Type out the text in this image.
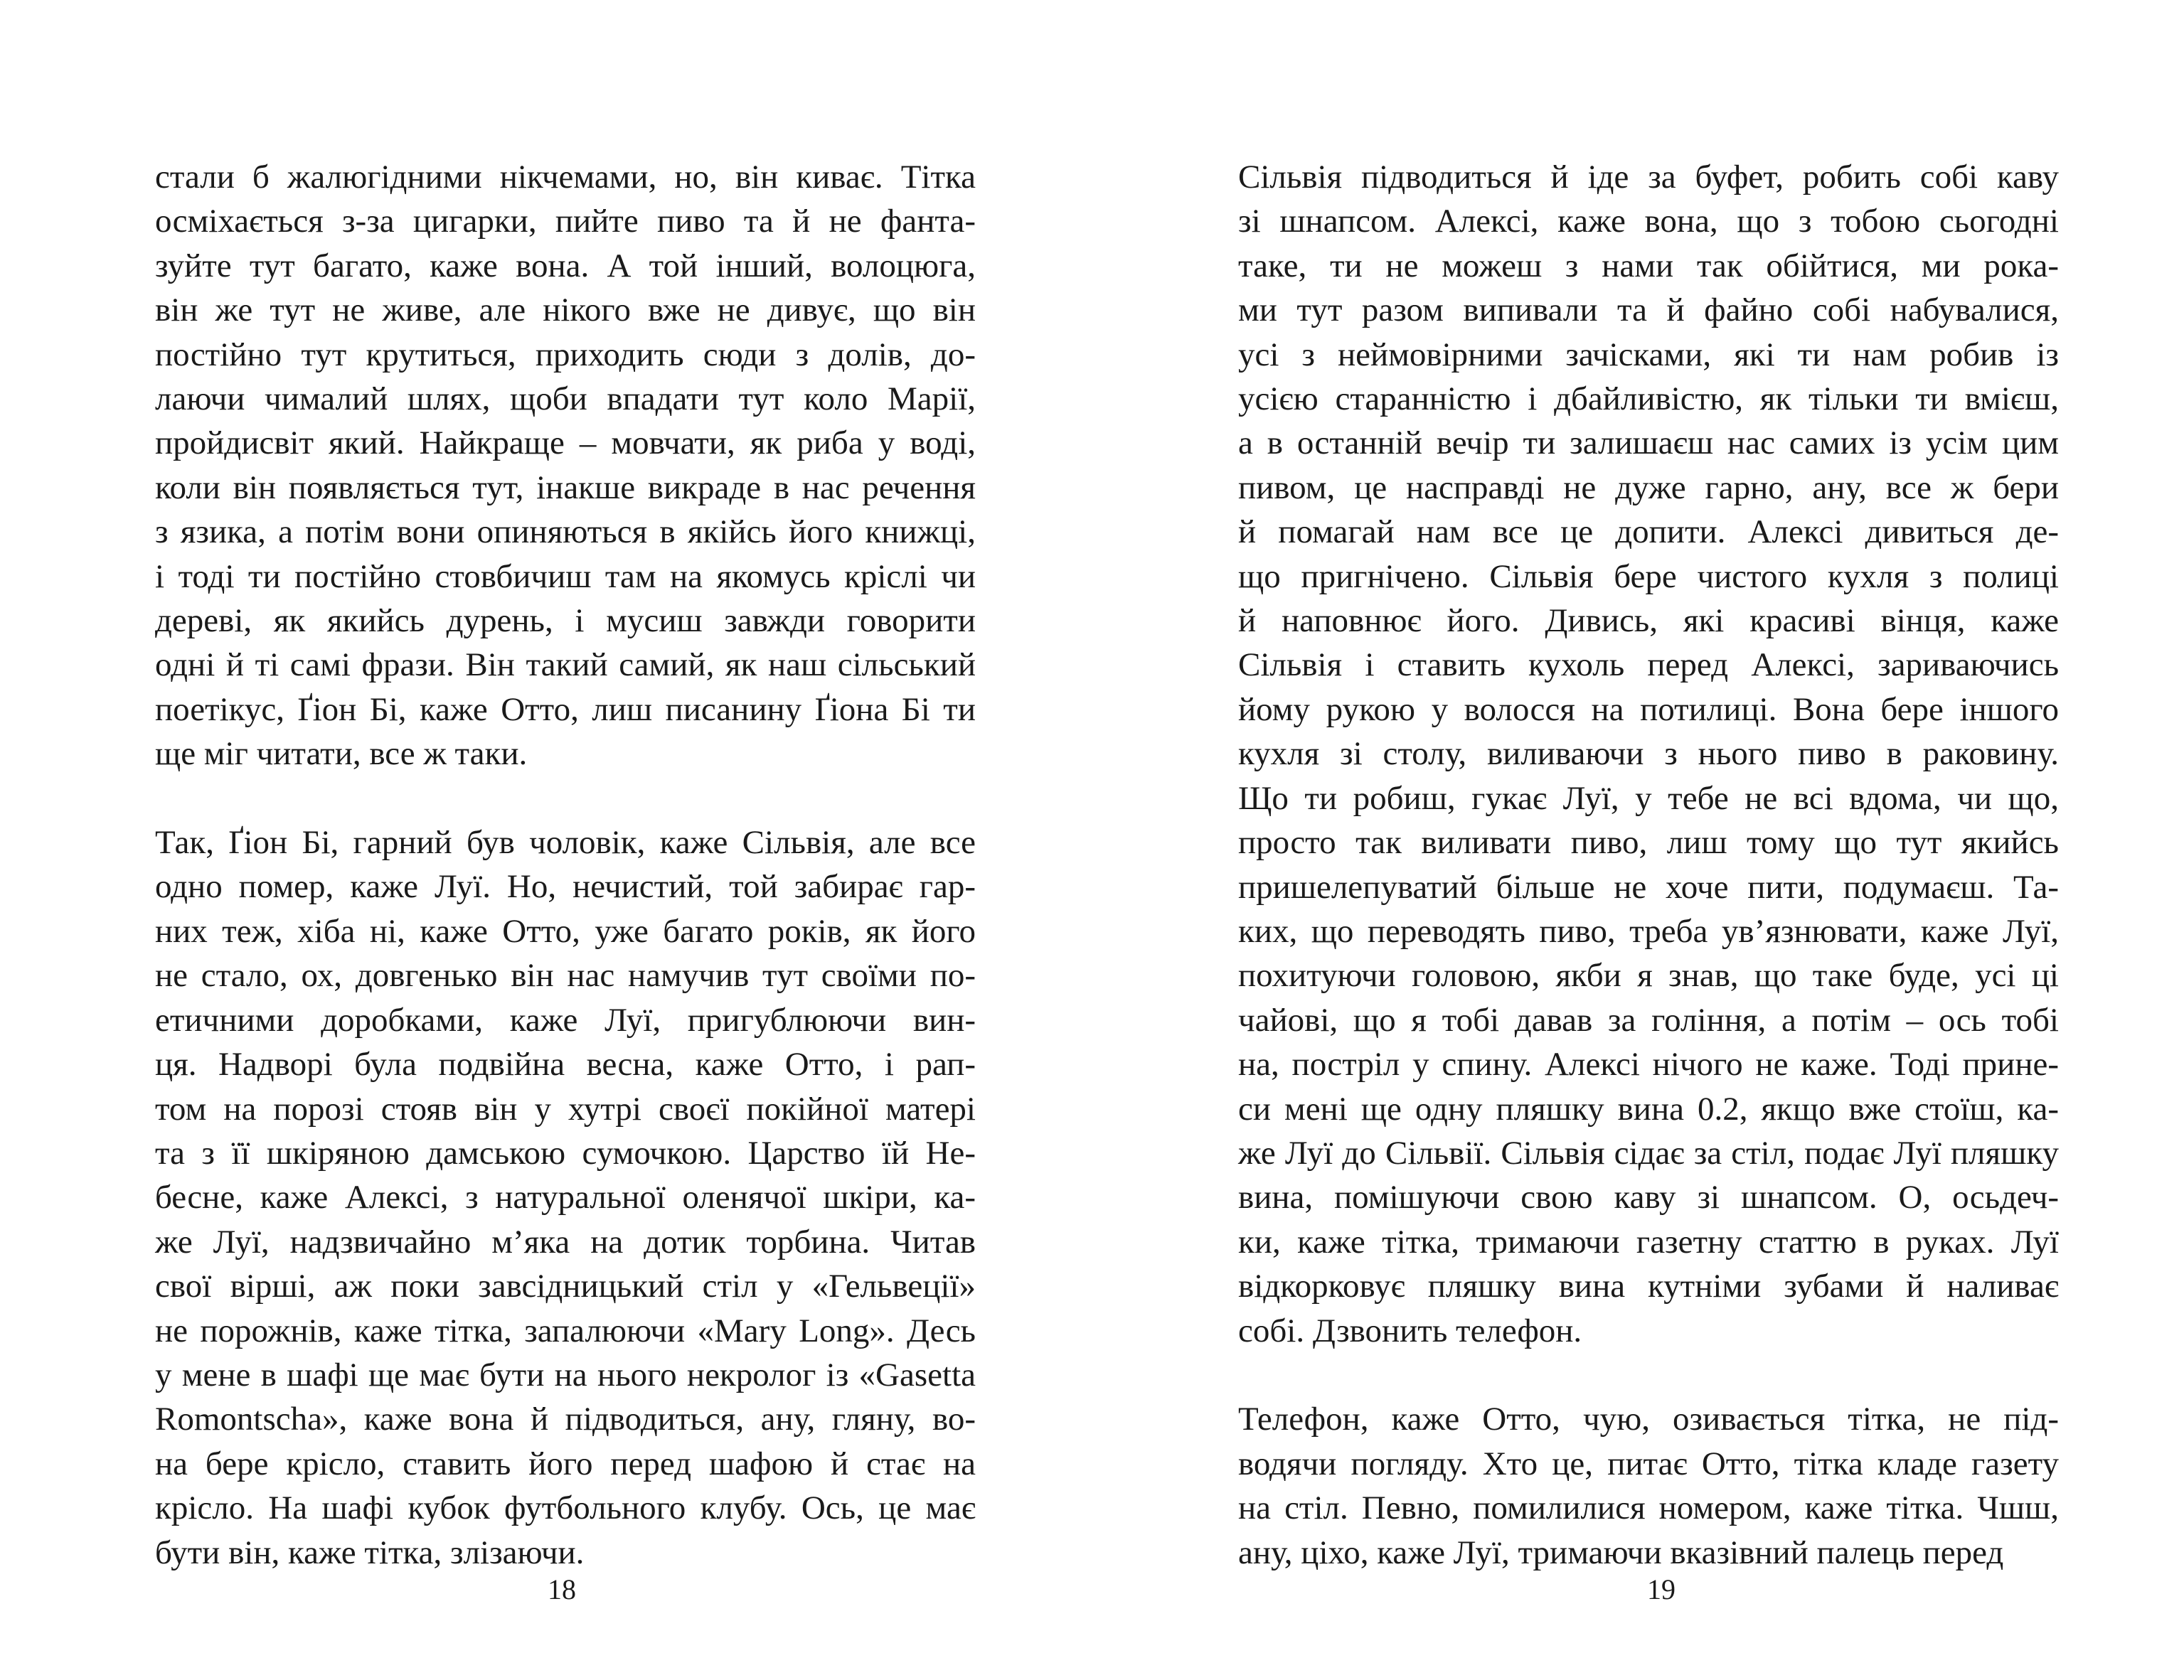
стали б жалюгідними нікчемами, но, він киває. Тітка
осміхається з-за цигарки, пийте пиво та й не фанта-
зуйте тут багато, каже вона. А той інший, волоцюга,
він же тут не живе, але нікого вже не дивує, що він
постійно тут крутиться, приходить сюди з долів, до-
лаючи чималий шлях, щоби впадати тут коло Марії,
пройдисвіт який. Найкраще – мовчати, як риба у воді,
коли він появляється тут, інакше викраде в нас речення
з язика, а потім вони опиняються в якійсь його книжці,
і тоді ти постійно стовбичиш там на якомусь кріслі чи
дереві, як якийсь дурень, і мусиш завжди говорити
одні й ті самі фрази. Він такий самий, як наш сільський
поетікус, Ґіон Бі, каже Отто, лиш писанину Ґіона Бі ти
ще міг читати, все ж таки.

Так, Ґіон Бі, гарний був чоловік, каже Сільвія, але все
одно помер, каже Луї. Но, нечистий, той забирає гар-
них теж, хіба ні, каже Отто, уже багато років, як його
не стало, ох, довгенько він нас намучив тут своїми по-
етичними доробками, каже Луї, пригублюючи вин-
ця. Надворі була подвійна весна, каже Отто, і рап-
том на порозі стояв він у хутрі своєї покійної матері
та з її шкіряною дамською сумочкою. Царство їй Не-
бесне, каже Алексі, з натуральної оленячої шкіри, ка-
же Луї, надзвичайно м’яка на дотик торбина. Читав
свої вірші, аж поки завсідницький стіл у «Гельвеції»
не порожнів, каже тітка, запалюючи «Mary Long». Десь
у мене в шафі ще має бути на нього некролог із «Gasetta
Romontscha», каже вона й підводиться, ану, гляну, во-
на бере крісло, ставить його перед шафою й стає на
крісло. На шафі кубок футбольного клубу. Ось, це має
бути він, каже тітка, злізаючи.

18

Сільвія підводиться й іде за буфет, робить собі каву
зі шнапсом. Алексі, каже вона, що з тобою сьогодні
таке, ти не можеш з нами так обійтися, ми рока-
ми тут разом випивали та й файно собі набувалися,
усі з неймовірними зачісками, які ти нам робив із
усією старанністю і дбайливістю, як тільки ти вмієш,
а в останній вечір ти залишаєш нас самих із усім цим
пивом, це насправді не дуже гарно, ану, все ж бери
й помагай нам все це допити. Алексі дивиться де-
що пригнічено. Сільвія бере чистого кухля з полиці
й наповнює його. Дивись, які красиві вінця, каже
Сільвія і ставить кухоль перед Алексі, зариваючись
йому рукою у волосся на потилиці. Вона бере іншого
кухля зі столу, виливаючи з нього пиво в раковину.
Що ти робиш, гукає Луї, у тебе не всі вдома, чи що,
просто так виливати пиво, лиш тому що тут якийсь
пришелепуватий більше не хоче пити, подумаєш. Та-
ких, що переводять пиво, треба ув’язнювати, каже Луї,
похитуючи головою, якби я знав, що таке буде, усі ці
чайові, що я тобі давав за гоління, а потім – ось тобі
на, постріл у спину. Алексі нічого не каже. Тоді прине-
си мені ще одну пляшку вина 0.2, якщо вже стоїш, ка-
же Луї до Сільвії. Сільвія сідає за стіл, подає Луї пляшку
вина, помішуючи свою каву зі шнапсом. О, осьдеч-
ки, каже тітка, тримаючи газетну статтю в руках. Луї
відкорковує пляшку вина кутніми зубами й наливає
собі. Дзвонить телефон.

Телефон, каже Отто, чую, озивається тітка, не під-
водячи погляду. Хто це, питає Отто, тітка кладе газету
на стіл. Певно, помилилися номером, каже тітка. Чшш,
ану, ціхо, каже Луї, тримаючи вказівний палець перед

19
